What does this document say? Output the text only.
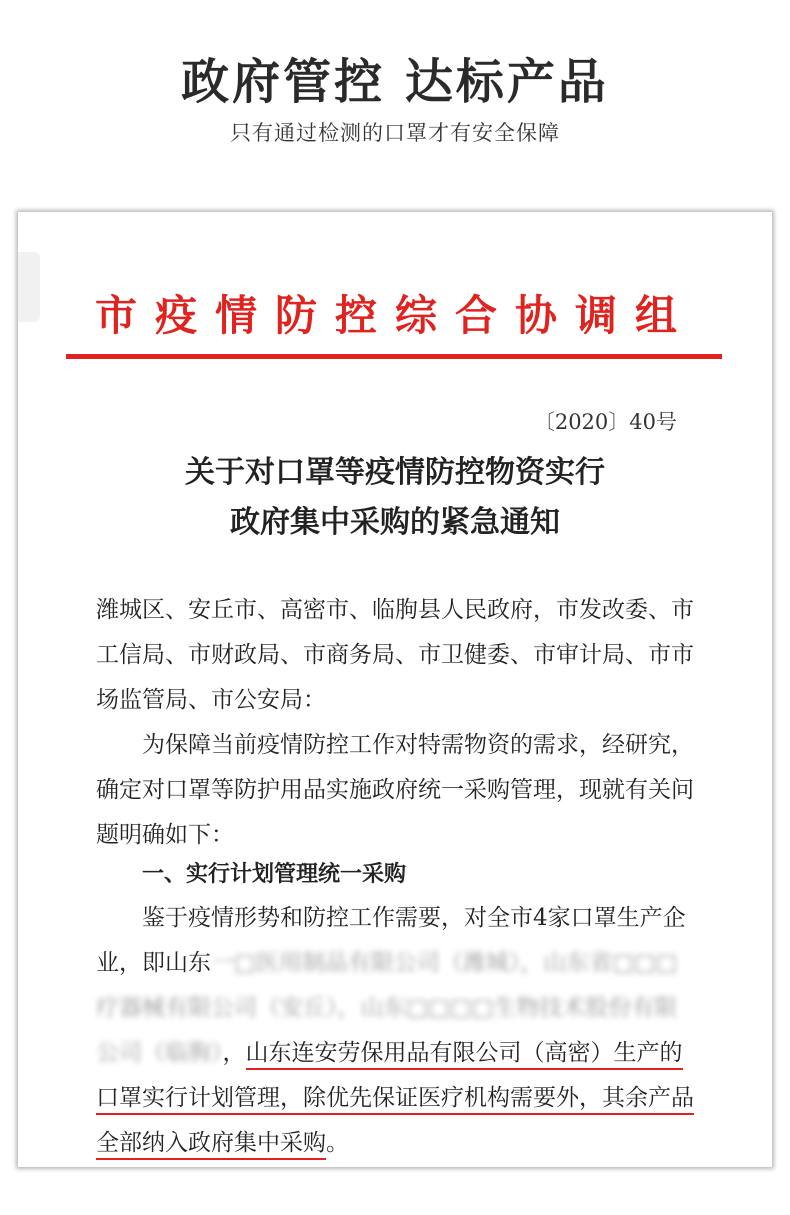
政府管控 达标产品
只有通过检测的口罩才有安全保障
市疫情防控综合协调组
〔2020〕40号
关于对口罩等疫情防控物资实行
政府集中采购的紧急通知
潍城区、安丘市、高密市、临朐县人民政府，市发改委、市
工信局、市财政局、市商务局、市卫健委、市审计局、市市
场监管局、市公安局：
为保障当前疫情防控工作对特需物资的需求，经研究，
确定对口罩等防护用品实施政府统一采购管理，现就有关问
题明确如下：
一、实行计划管理统一采购
鉴于疫情形势和防控工作需要，对全市4家口罩生产企
业，即山东一□医用制品有限公司（潍城），山东省□□□
疗器械有限公司（安丘），山东□□□□生物技术股份有限
公司（临朐），山东连安劳保用品有限公司（高密）生产的
口罩实行计划管理，除优先保证医疗机构需要外，其余产品
全部纳入政府集中采购。
